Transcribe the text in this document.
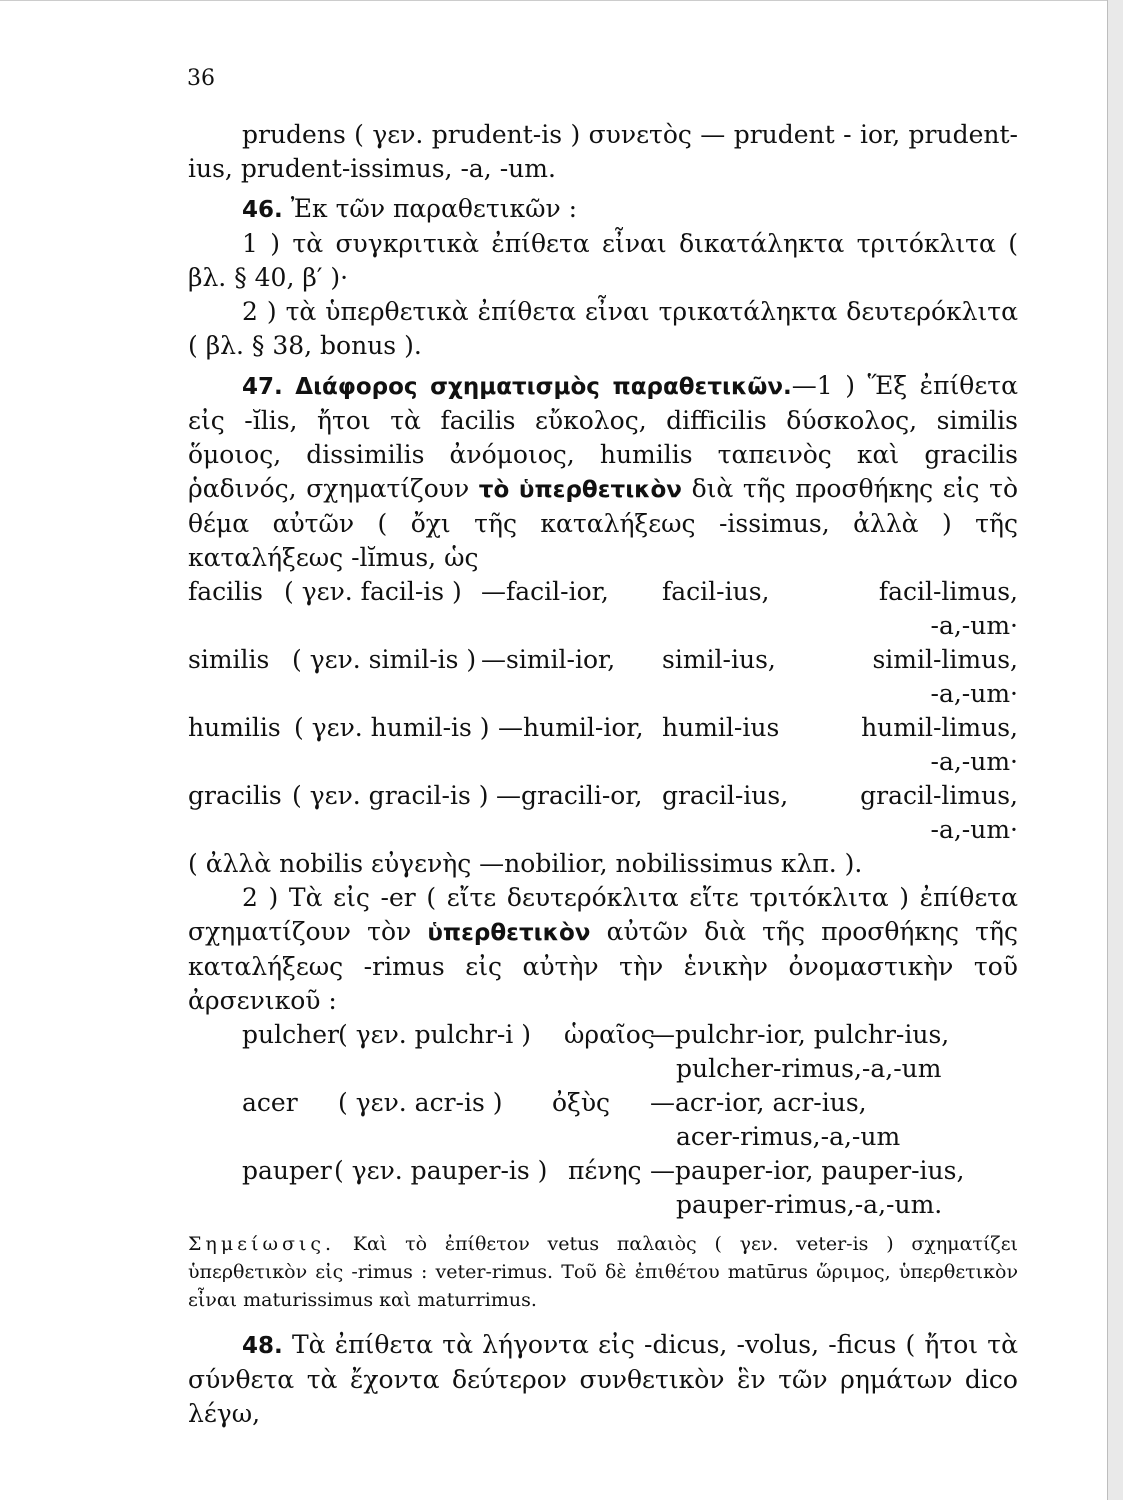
36

prudens ( γεν. prudent-is ) συνετὸς — prudent - ior, prudent-

ius, prudent-issimus, -a, -um.

46. Ἐκ τῶν παραθετικῶν :

1 ) τὰ συγκριτικὰ ἐπίθετα εἶναι δικατάληκτα τριτόκλιτα ( βλ. § 40, β′ )·

2 ) τὰ ὑπερθετικὰ ἐπίθετα εἶναι τρικατάληκτα δευτερόκλιτα ( βλ. § 38, bonus ).

47. Διάφορος σχηματισμὸς παραθετικῶν.—1 ) Ἕξ ἐπίθετα εἰς -ĭlis, ἤτοι τὰ facilis εὔκολος, difficilis δύσκολος, similis ὅμοιος, dissimilis ἀνόμοιος, humilis ταπεινὸς καὶ gracilis ῥαδινός, σχηματίζουν τὸ ὑπερθετικὸν διὰ τῆς προσθήκης εἰς τὸ θέμα αὐτῶν ( ὄχι τῆς καταλήξεως -issimus, ἀλλὰ ) τῆς καταλήξεως -lĭmus, ὡς

facilis ( γεν. facil-is ) —facil-ior, facil-ius,	facil-limus,
-a,-um·
similis ( γεν. simil-is ) —simil-ior, simil-ius,	simil-limus,
-a,-um·
humilis ( γεν. humil-is ) —humil-ior, humil-ius	humil-limus,
-a,-um·
gracilis ( γεν. gracil-is ) —gracili-or, gracil-ius,	gracil-limus,
-a,-um·

( ἀλλὰ nobilis εὐγενὴς —nobilior, nobilissimus κλπ. ).

2 ) Τὰ εἰς -er ( εἴτε δευτερόκλιτα εἴτε τριτόκλιτα ) ἐπίθετα σχηματίζουν τὸν ὑπερθετικὸν αὐτῶν διὰ τῆς προσθήκης τῆς καταλήξεως -rimus εἰς αὐτὴν τὴν ἑνικὴν ὀνομαστικὴν τοῦ ἀρσενικοῦ :

pulcher ( γεν. pulchr-i ) ὡραῖος
—pulchr-ior, pulchr-ius,
pulcher-rimus,-a,-um
acer ( γεν. acr-is ) ὀξὺς —acr-ior, acr-ius,
acer-rimus,-a,-um
pauper ( γεν. pauper-is ) πένης —pauper-ior, pauper-ius,
pauper-rimus,-a,-um.

Σημείωσις. Καὶ τὸ ἐπίθετον vetus παλαιὸς ( γεν. veter-is ) σχηματίζει ὑπερθετικὸν εἰς -rimus : veter-rimus. Τοῦ δὲ ἐπιθέτου matūrus ὥριμος, ὑπερθετικὸν εἶναι maturissimus καὶ maturrimus.

48. Τὰ ἐπίθετα τὰ λήγοντα εἰς -dicus, -volus, -ficus ( ἤτοι τὰ σύνθετα τὰ ἔχοντα δεύτερον συνθετικὸν ἓν τῶν ρημάτων dico λέγω,
